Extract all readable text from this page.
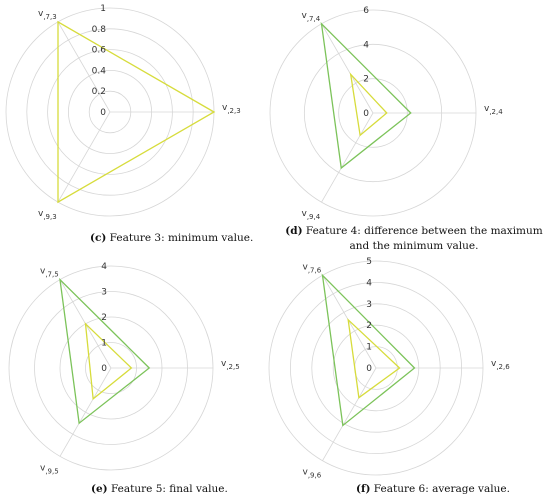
0
0.2
0.4
0.6
0.8
1
$v_{,2,3}$
$v_{,7,3}$
$v_{,9,3}$
0
2
4
6
$v_{,2,4}$
$v_{,7,4}$
$v_{,9,4}$
0
1
2
3
4
$v_{,2,5}$
$v_{,7,5}$
$v_{,9,5}$
0
1
2
3
4
5
$v_{,2,6}$
$v_{,7,6}$
$v_{,9,6}$
(c) Feature 3: minimum value.
(d) Feature 4: difference between the maximum and the minimum value.
(e) Feature 5: final value.	(f) Feature 6: average value.
